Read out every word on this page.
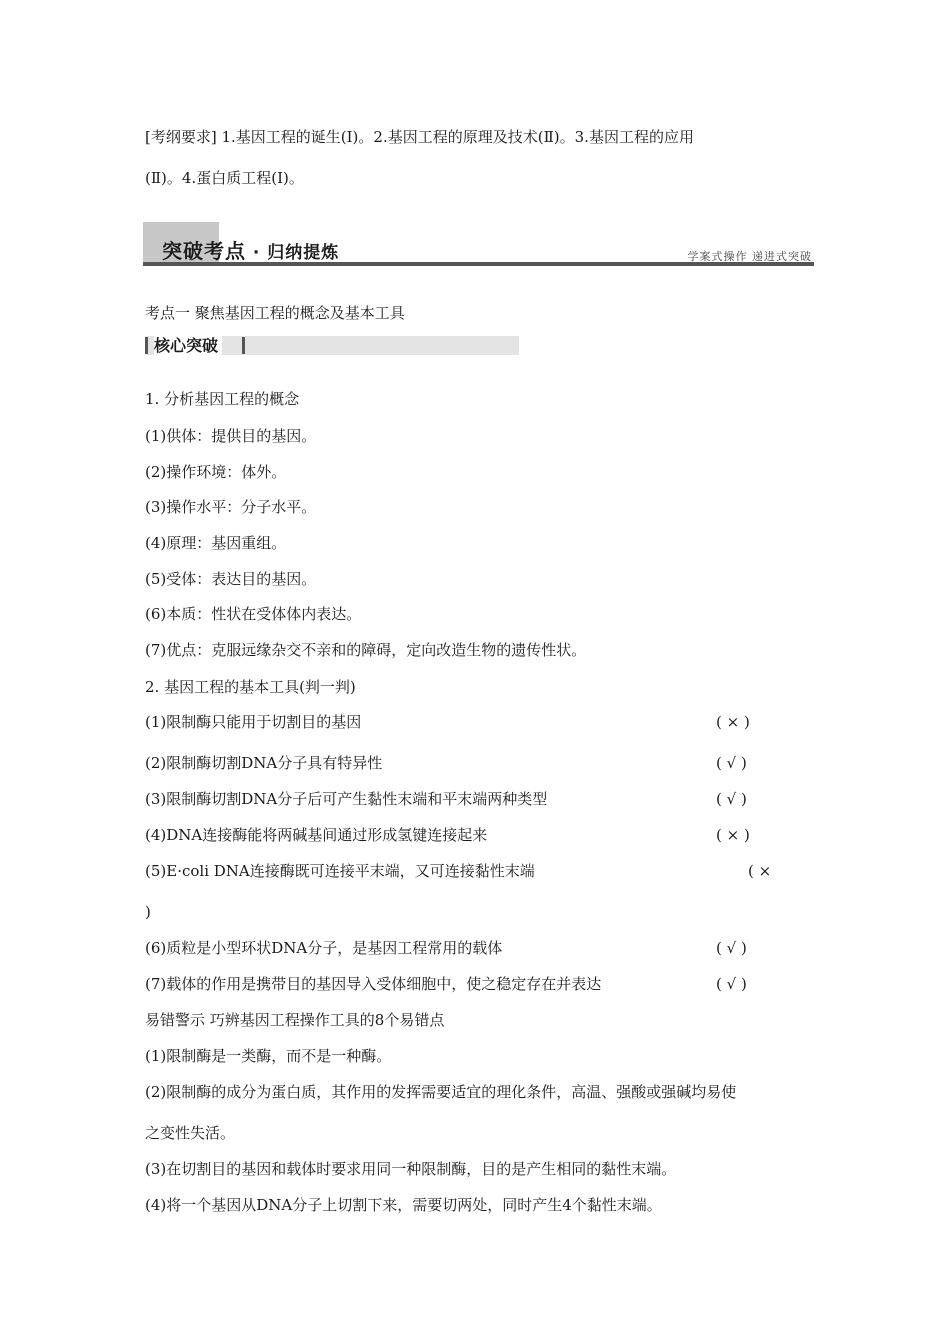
[考纲要求] 1.基因工程的诞生(Ⅰ)。2.基因工程的原理及技术(Ⅱ)。3.基因工程的应用
(Ⅱ)。4.蛋白质工程(Ⅰ)。
突破考点 · 归纳提炼	学案式操作 递进式突破
考点一 聚焦基因工程的概念及基本工具
核心突破
1. 分析基因工程的概念
(1)供体：提供目的基因。
(2)操作环境：体外。
(3)操作水平：分子水平。
(4)原理：基因重组。
(5)受体：表达目的基因。
(6)本质：性状在受体体内表达。
(7)优点：克服远缘杂交不亲和的障碍，定向改造生物的遗传性状。
2. 基因工程的基本工具(判一判)
(1)限制酶只能用于切割目的基因	( × )
(2)限制酶切割DNA分子具有特异性	( √ )
(3)限制酶切割DNA分子后可产生黏性末端和平末端两种类型	( √ )
(4)DNA连接酶能将两碱基间通过形成氢键连接起来	( × )
(5)E·coli DNA连接酶既可连接平末端，又可连接黏性末端	( ×
)
(6)质粒是小型环状DNA分子，是基因工程常用的载体	( √ )
(7)载体的作用是携带目的基因导入受体细胞中，使之稳定存在并表达	( √ )
易错警示 巧辨基因工程操作工具的8个易错点
(1)限制酶是一类酶，而不是一种酶。
(2)限制酶的成分为蛋白质，其作用的发挥需要适宜的理化条件，高温、强酸或强碱均易使
之变性失活。
(3)在切割目的基因和载体时要求用同一种限制酶，目的是产生相同的黏性末端。
(4)将一个基因从DNA分子上切割下来，需要切两处，同时产生4个黏性末端。
